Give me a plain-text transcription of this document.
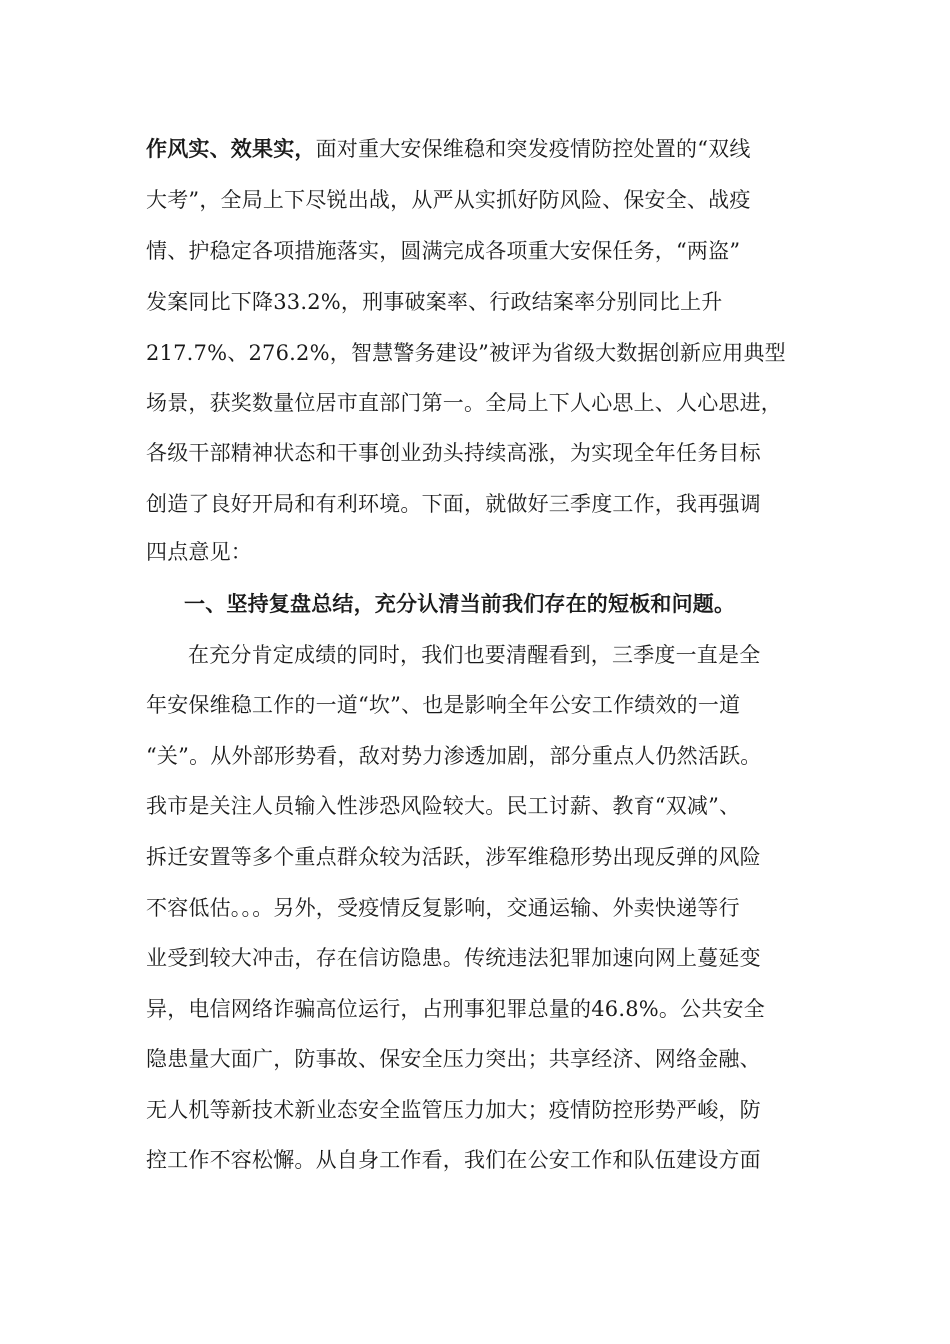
作风实、效果实，面对重大安保维稳和突发疫情防控处置的“双线
大考”，全局上下尽锐出战，从严从实抓好防风险、保安全、战疫
情、护稳定各项措施落实，圆满完成各项重大安保任务，“两盗”
发案同比下降33.2%，刑事破案率、行政结案率分别同比上升
217.7%、276.2%，智慧警务建设”被评为省级大数据创新应用典型
场景，获奖数量位居市直部门第一。全局上下人心思上、人心思进，
各级干部精神状态和干事创业劲头持续高涨，为实现全年任务目标
创造了良好开局和有利环境。下面，就做好三季度工作，我再强调
四点意见：
一、坚持复盘总结，充分认清当前我们存在的短板和问题。
在充分肯定成绩的同时，我们也要清醒看到，三季度一直是全
年安保维稳工作的一道“坎”、也是影响全年公安工作绩效的一道
“关”。从外部形势看，敌对势力渗透加剧，部分重点人仍然活跃。
我市是关注人员输入性涉恐风险较大。民工讨薪、教育“双减”、
拆迁安置等多个重点群众较为活跃，涉军维稳形势出现反弹的风险
不容低估。。。另外，受疫情反复影响，交通运输、外卖快递等行
业受到较大冲击，存在信访隐患。传统违法犯罪加速向网上蔓延变
异，电信网络诈骗高位运行，占刑事犯罪总量的46.8%。公共安全
隐患量大面广，防事故、保安全压力突出；共享经济、网络金融、
无人机等新技术新业态安全监管压力加大；疫情防控形势严峻，防
控工作不容松懈。从自身工作看，我们在公安工作和队伍建设方面
